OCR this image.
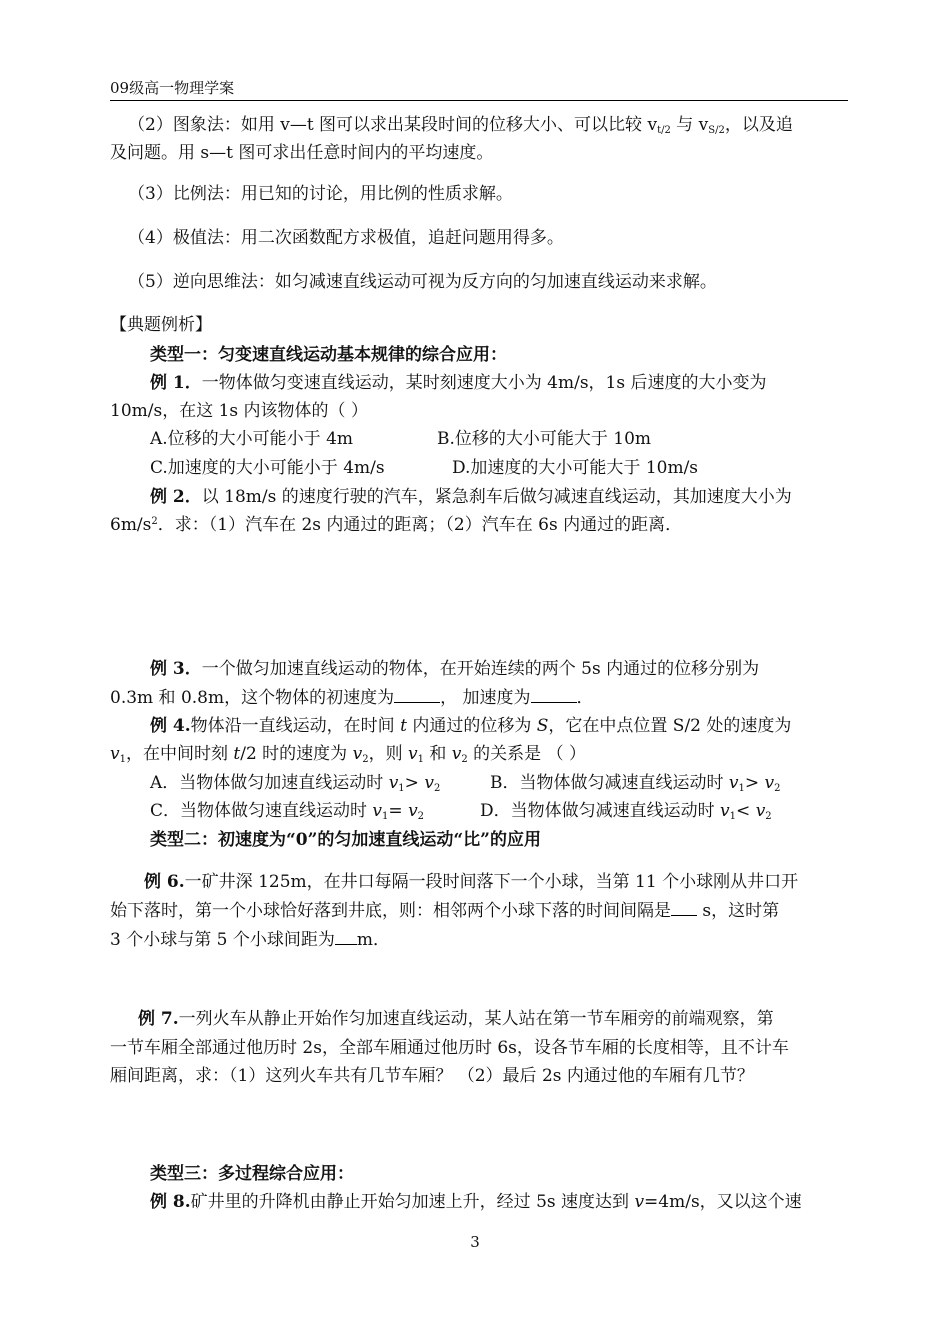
09级高一物理学案
（2）图象法：如用 v—t 图可以求出某段时间的位移大小、可以比较 $v_{t/2}$ 与 $v_{S/2}$，以及追
及问题。用 s—t 图可求出任意时间内的平均速度。
（3）比例法：用已知的讨论，用比例的性质求解。
（4）极值法：用二次函数配方求极值，追赶问题用得多。
（5）逆向思维法：如匀减速直线运动可视为反方向的匀加速直线运动来求解。
【典题例析】
类型一：匀变速直线运动基本规律的综合应用：
例 1．一物体做匀变速直线运动，某时刻速度大小为 4m/s，1s 后速度的大小变为
10m/s，在这 1s 内该物体的（ ）
A.位移的大小可能小于 4m	B.位移的大小可能大于 10m
C.加速度的大小可能小于 4m/s	D.加速度的大小可能大于 10m/s
例 2．以 18m/s 的速度行驶的汽车，紧急刹车后做匀减速直线运动，其加速度大小为
$6m/s^2$．求：（1）汽车在 2s 内通过的距离；（2）汽车在 6s 内通过的距离．
例 3．一个做匀加速直线运动的物体，在开始连续的两个 5s 内通过的位移分别为
0.3m 和 0.8m，这个物体的初速度为	， 加速度为	．
例 4.物体沿一直线运动，在时间 t 内通过的位移为 S，它在中点位置 S/2 处的速度为
$v_1$，在中间时刻 t/2 时的速度为 $v_2$，则 $v_1$ 和 $v_2$ 的关系是 （ ）
A．当物体做匀加速直线运动时 $v_1> v_2$	B．当物体做匀减速直线运动时 $v_1> v_2$
C．当物体做匀速直线运动时 $v_1= v_2$	D．当物体做匀减速直线运动时 $v_1< v_2$
类型二：初速度为“0”的匀加速直线运动“比”的应用
例 6.一矿井深 125m，在井口每隔一段时间落下一个小球，当第 11 个小球刚从井口开
始下落时，第一个小球恰好落到井底，则：相邻两个小球下落的时间间隔是 s，这时第
3 个小球与第 5 个小球间距为 m．
例 7.一列火车从静止开始作匀加速直线运动，某人站在第一节车厢旁的前端观察，第
一节车厢全部通过他历时 2s，全部车厢通过他历时 6s，设各节车厢的长度相等，且不计车
厢间距离，求：（1）这列火车共有几节车厢？ （2）最后 2s 内通过他的车厢有几节？
类型三：多过程综合应用：
例 8.矿井里的升降机由静止开始匀加速上升，经过 5s 速度达到 v=4m/s，又以这个速
3
